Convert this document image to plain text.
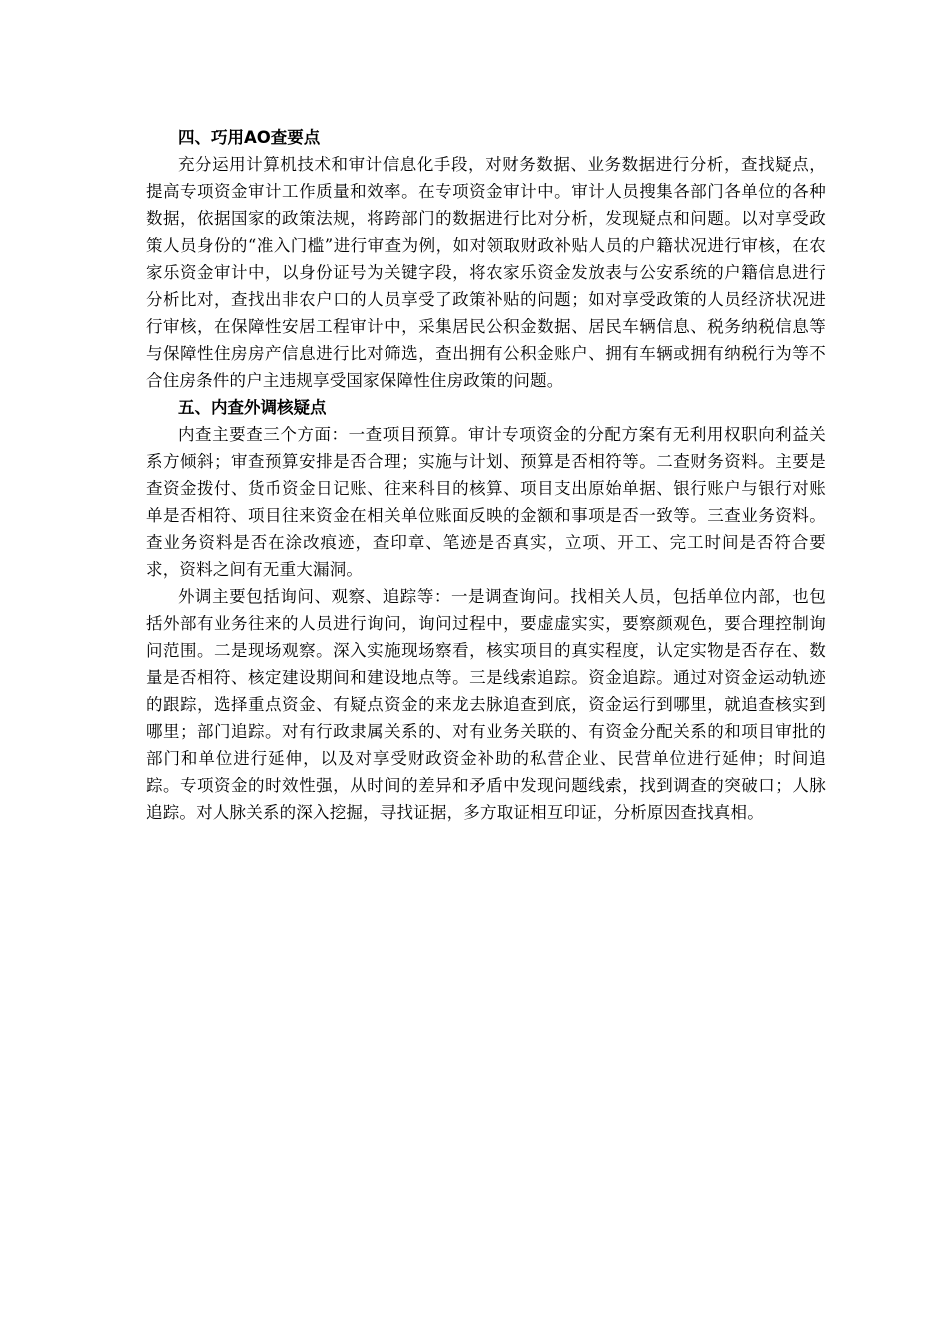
四、巧用AO查要点

充分运用计算机技术和审计信息化手段，对财务数据、业务数据进行分析，查找疑点，提高专项资金审计工作质量和效率。在专项资金审计中。审计人员搜集各部门各单位的各种数据，依据国家的政策法规，将跨部门的数据进行比对分析，发现疑点和问题。以对享受政策人员身份的“准入门槛”进行审查为例，如对领取财政补贴人员的户籍状况进行审核，在农家乐资金审计中，以身份证号为关键字段，将农家乐资金发放表与公安系统的户籍信息进行分析比对，查找出非农户口的人员享受了政策补贴的问题；如对享受政策的人员经济状况进行审核，在保障性安居工程审计中，采集居民公积金数据、居民车辆信息、税务纳税信息等与保障性住房房产信息进行比对筛选，查出拥有公积金账户、拥有车辆或拥有纳税行为等不合住房条件的户主违规享受国家保障性住房政策的问题。

五、内查外调核疑点

内查主要查三个方面：一查项目预算。审计专项资金的分配方案有无利用权职向利益关系方倾斜；审查预算安排是否合理；实施与计划、预算是否相符等。二查财务资料。主要是查资金拨付、货币资金日记账、往来科目的核算、项目支出原始单据、银行账户与银行对账单是否相符、项目往来资金在相关单位账面反映的金额和事项是否一致等。三查业务资料。查业务资料是否在涂改痕迹，查印章、笔迹是否真实，立项、开工、完工时间是否符合要求，资料之间有无重大漏洞。

外调主要包括询问、观察、追踪等：一是调查询问。找相关人员，包括单位内部，也包括外部有业务往来的人员进行询问，询问过程中，要虚虚实实，要察颜观色，要合理控制询问范围。二是现场观察。深入实施现场察看，核实项目的真实程度，认定实物是否存在、数量是否相符、核定建设期间和建设地点等。三是线索追踪。资金追踪。通过对资金运动轨迹的跟踪，选择重点资金、有疑点资金的来龙去脉追查到底，资金运行到哪里，就追查核实到哪里；部门追踪。对有行政隶属关系的、对有业务关联的、有资金分配关系的和项目审批的部门和单位进行延伸，以及对享受财政资金补助的私营企业、民营单位进行延伸；时间追踪。专项资金的时效性强，从时间的差异和矛盾中发现问题线索，找到调查的突破口；人脉追踪。对人脉关系的深入挖掘，寻找证据，多方取证相互印证，分析原因查找真相。
